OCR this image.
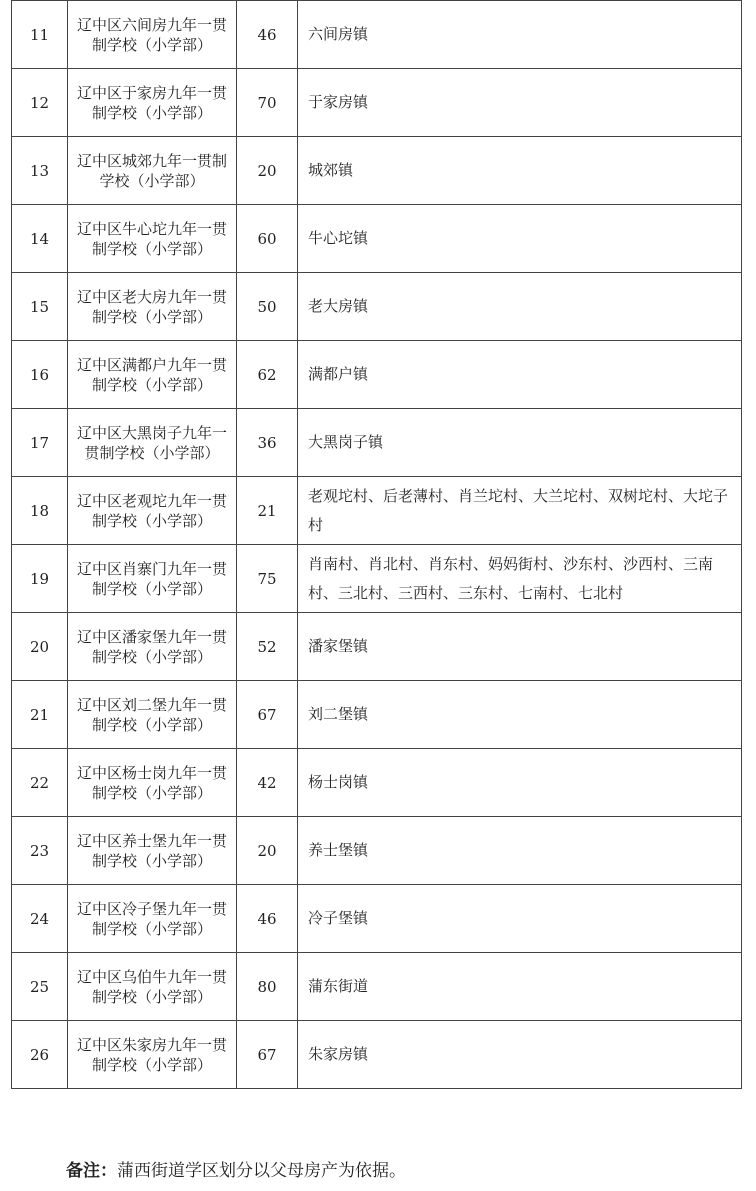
11	辽中区六间房九年一贯制学校（小学部）	46	六间房镇
12	辽中区于家房九年一贯制学校（小学部）	70	于家房镇
13	辽中区城郊九年一贯制学校（小学部）	20	城郊镇
14	辽中区牛心坨九年一贯制学校（小学部）	60	牛心坨镇
15	辽中区老大房九年一贯制学校（小学部）	50	老大房镇
16	辽中区满都户九年一贯制学校（小学部）	62	满都户镇
17	辽中区大黑岗子九年一贯制学校（小学部）	36	大黑岗子镇
18	辽中区老观坨九年一贯制学校（小学部）	21	老观坨村、后老薄村、肖兰坨村、大兰坨村、双树坨村、大坨子村
19	辽中区肖寨门九年一贯制学校（小学部）	75	肖南村、肖北村、肖东村、妈妈街村、沙东村、沙西村、三南村、三北村、三西村、三东村、七南村、七北村
20	辽中区潘家堡九年一贯制学校（小学部）	52	潘家堡镇
21	辽中区刘二堡九年一贯制学校（小学部）	67	刘二堡镇
22	辽中区杨士岗九年一贯制学校（小学部）	42	杨士岗镇
23	辽中区养士堡九年一贯制学校（小学部）	20	养士堡镇
24	辽中区冷子堡九年一贯制学校（小学部）	46	冷子堡镇
25	辽中区乌伯牛九年一贯制学校（小学部）	80	蒲东街道
26	辽中区朱家房九年一贯制学校（小学部）	67	朱家房镇
备注：蒲西街道学区划分以父母房产为依据。
